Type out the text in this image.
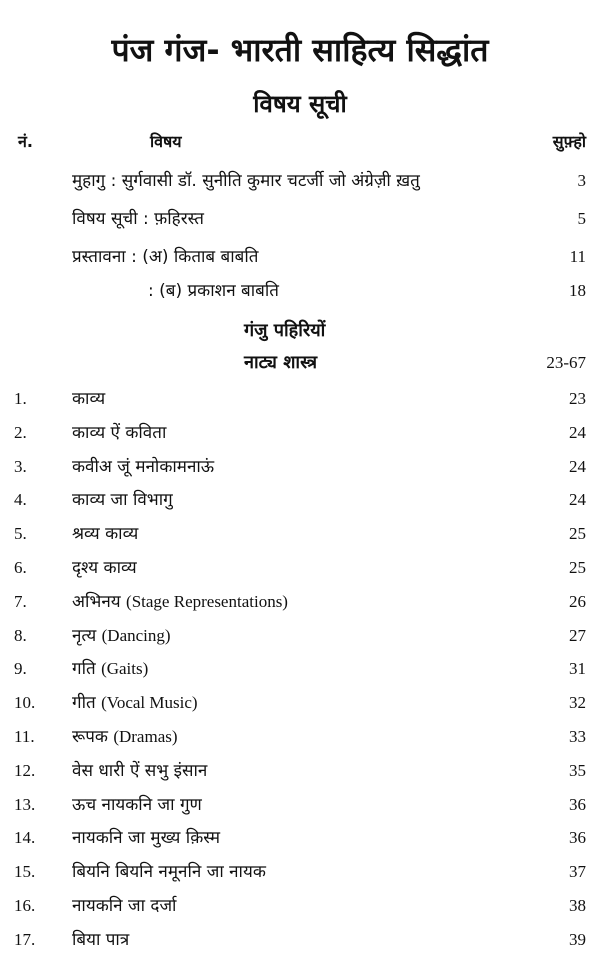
पंज गंज- भारती साहित्य सिद्धांत
विषय सूची
नं.	विषय	सुफ़्हो
मुहागु : सुर्गवासी डॉ. सुनीति कुमार चटर्जी जो अंग्रेज़ी ख़तु	3
विषय सूची : फ़हिरस्त	5
प्रस्तावना : (अ) किताब बाबति	11
: (ब) प्रकाशन बाबति	18
गंजु पहिरियों
नाट्य शास्त्र	23-67
1.	काव्य	23
2.	काव्य ऐं कविता	24
3.	कवीअ जूं मनोकामनाऊं	24
4.	काव्य जा विभागु	24
5.	श्रव्य काव्य	25
6.	दृश्य काव्य	25
7.	अभिनय (Stage Representations)	26
8.	नृत्य (Dancing)	27
9.	गति (Gaits)	31
10. गीत (Vocal Music)	32
11. रूपक (Dramas)	33
12. वेस धारी ऐं सभु इंसान	35
13. ऊच नायकनि जा गुण	36
14. नायकनि जा मुख्य क़िस्म	36
15. बियनि बियनि नमूननि जा नायक	37
16. नायकनि जा दर्जा	38
17. बिया पात्र	39
